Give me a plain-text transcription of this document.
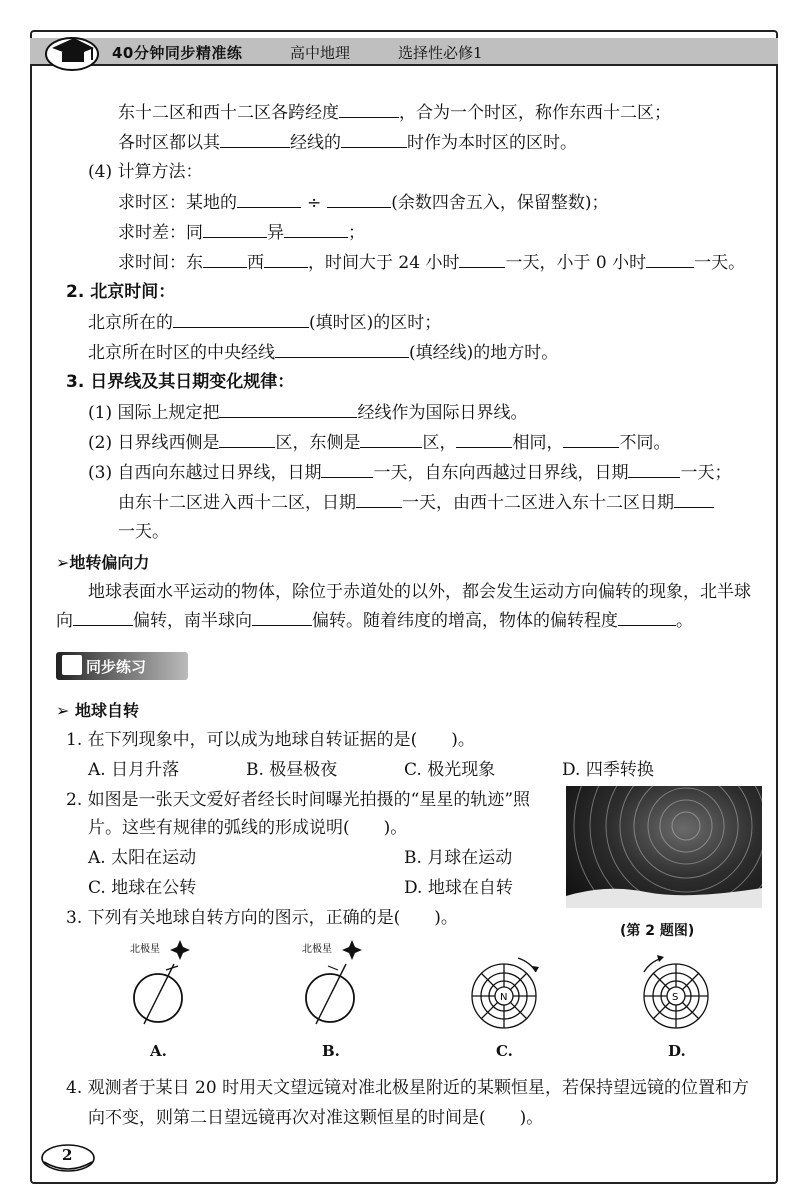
40分钟同步精准练	高中地理	选择性必修1
东十二区和西十二区各跨经度	，合为一个时区，称作东西十二区；
各时区都以其	经线的	时作为本时区的区时。
(4) 计算方法：
求时区：某地的	÷	(余数四舍五入，保留整数)；
求时差：同	异	；
求时间：东	西	，时间大于 24 小时	一天，小于 0 小时	一天。
2. 北京时间：
北京所在的	(填时区)的区时；
北京所在时区的中央经线	(填经线)的地方时。
3. 日界线及其日期变化规律：
(1) 国际上规定把	经线作为国际日界线。
(2) 日界线西侧是	区，东侧是	区，	相同，	不同。
(3) 自西向东越过日界线，日期	一天，自东向西越过日界线，日期	一天；
由东十二区进入西十二区，日期	一天，由西十二区进入东十二区日期
一天。
➢地转偏向力
地球表面水平运动的物体，除位于赤道处的以外，都会发生运动方向偏转的现象，北半球
向	偏转，南半球向	偏转。随着纬度的增高，物体的偏转程度	。
同步练习
➢ 地球自转
1. 在下列现象中，可以成为地球自转证据的是(　　)。
A. 日月升落	B. 极昼极夜	C. 极光现象	D. 四季转换
2. 如图是一张天文爱好者经长时间曝光拍摄的“星星的轨迹”照
片。这些有规律的弧线的形成说明(　　)。
A. 太阳在运动	B. 月球在运动
C. 地球在公转	D. 地球在自转
(第 2 题图)
3. 下列有关地球自转方向的图示，正确的是(　　)。
北极星	北极星
N	S
A.	B.	C.	D.
4. 观测者于某日 20 时用天文望远镜对准北极星附近的某颗恒星，若保持望远镜的位置和方
向不变，则第二日望远镜再次对准这颗恒星的时间是(　　)。
2
